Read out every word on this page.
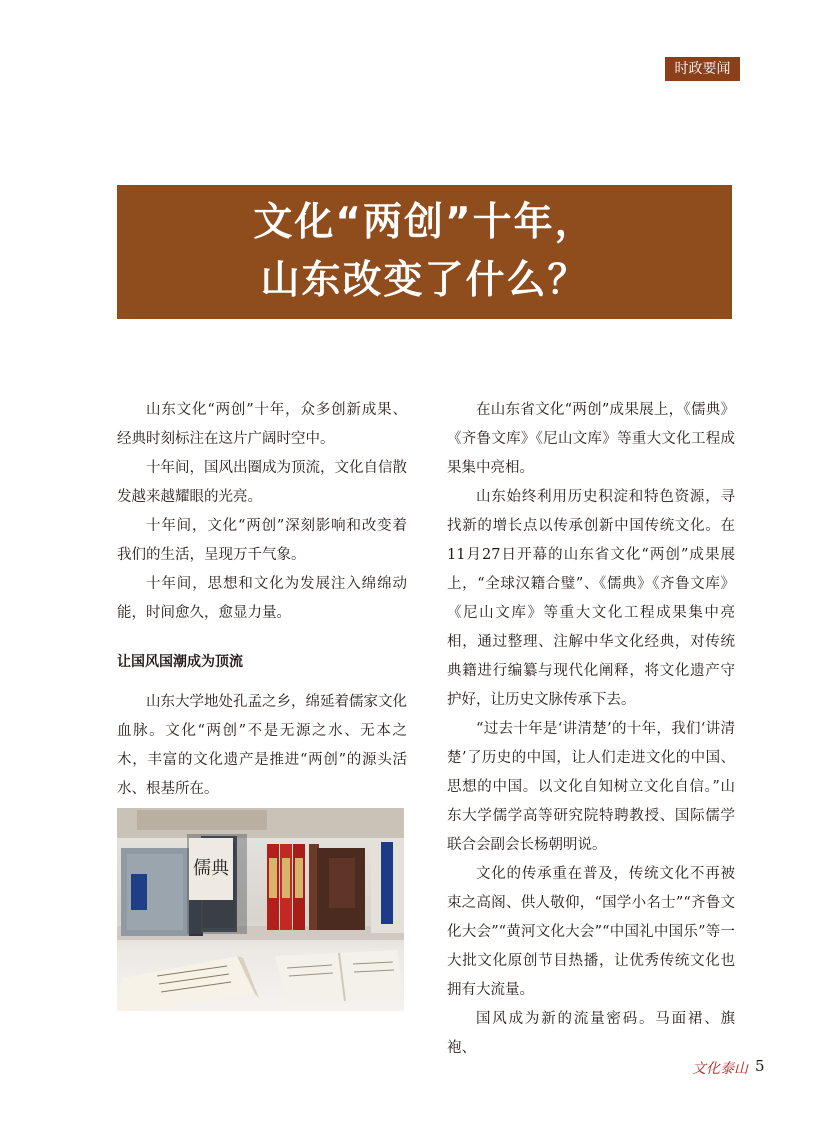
时政要闻
文化“两创”十年，
山东改变了什么？

山东文化“两创”十年，众多创新成果、经典时刻标注在这片广阔时空中。

十年间，国风出圈成为顶流，文化自信散发越来越耀眼的光亮。

十年间，文化“两创”深刻影响和改变着我们的生活，呈现万千气象。

十年间，思想和文化为发展注入绵绵动能，时间愈久，愈显力量。

让国风国潮成为顶流

山东大学地处孔孟之乡，绵延着儒家文化血脉。文化“两创”不是无源之水、无本之木，丰富的文化遗产是推进“两创”的源头活水、根基所在。

儒典

在山东省文化“两创”成果展上，《儒典》《齐鲁文库》《尼山文库》等重大文化工程成果集中亮相。

山东始终利用历史积淀和特色资源，寻找新的增长点以传承创新中国传统文化。在11月27日开幕的山东省文化“两创”成果展上，“全球汉籍合璧”、《儒典》《齐鲁文库》《尼山文库》等重大文化工程成果集中亮相，通过整理、注解中华文化经典，对传统典籍进行编纂与现代化阐释，将文化遗产守护好，让历史文脉传承下去。

“过去十年是‘讲清楚’的十年，我们‘讲清楚’了历史的中国，让人们走进文化的中国、思想的中国。以文化自知树立文化自信。”山东大学儒学高等研究院特聘教授、国际儒学联合会副会长杨朝明说。

文化的传承重在普及，传统文化不再被束之高阁、供人敬仰，“国学小名士”“齐鲁文化大会”“黄河文化大会”“中国礼中国乐”等一大批文化原创节目热播，让优秀传统文化也拥有大流量。

国风成为新的流量密码。马面裙、旗袍、

文化泰山 5
